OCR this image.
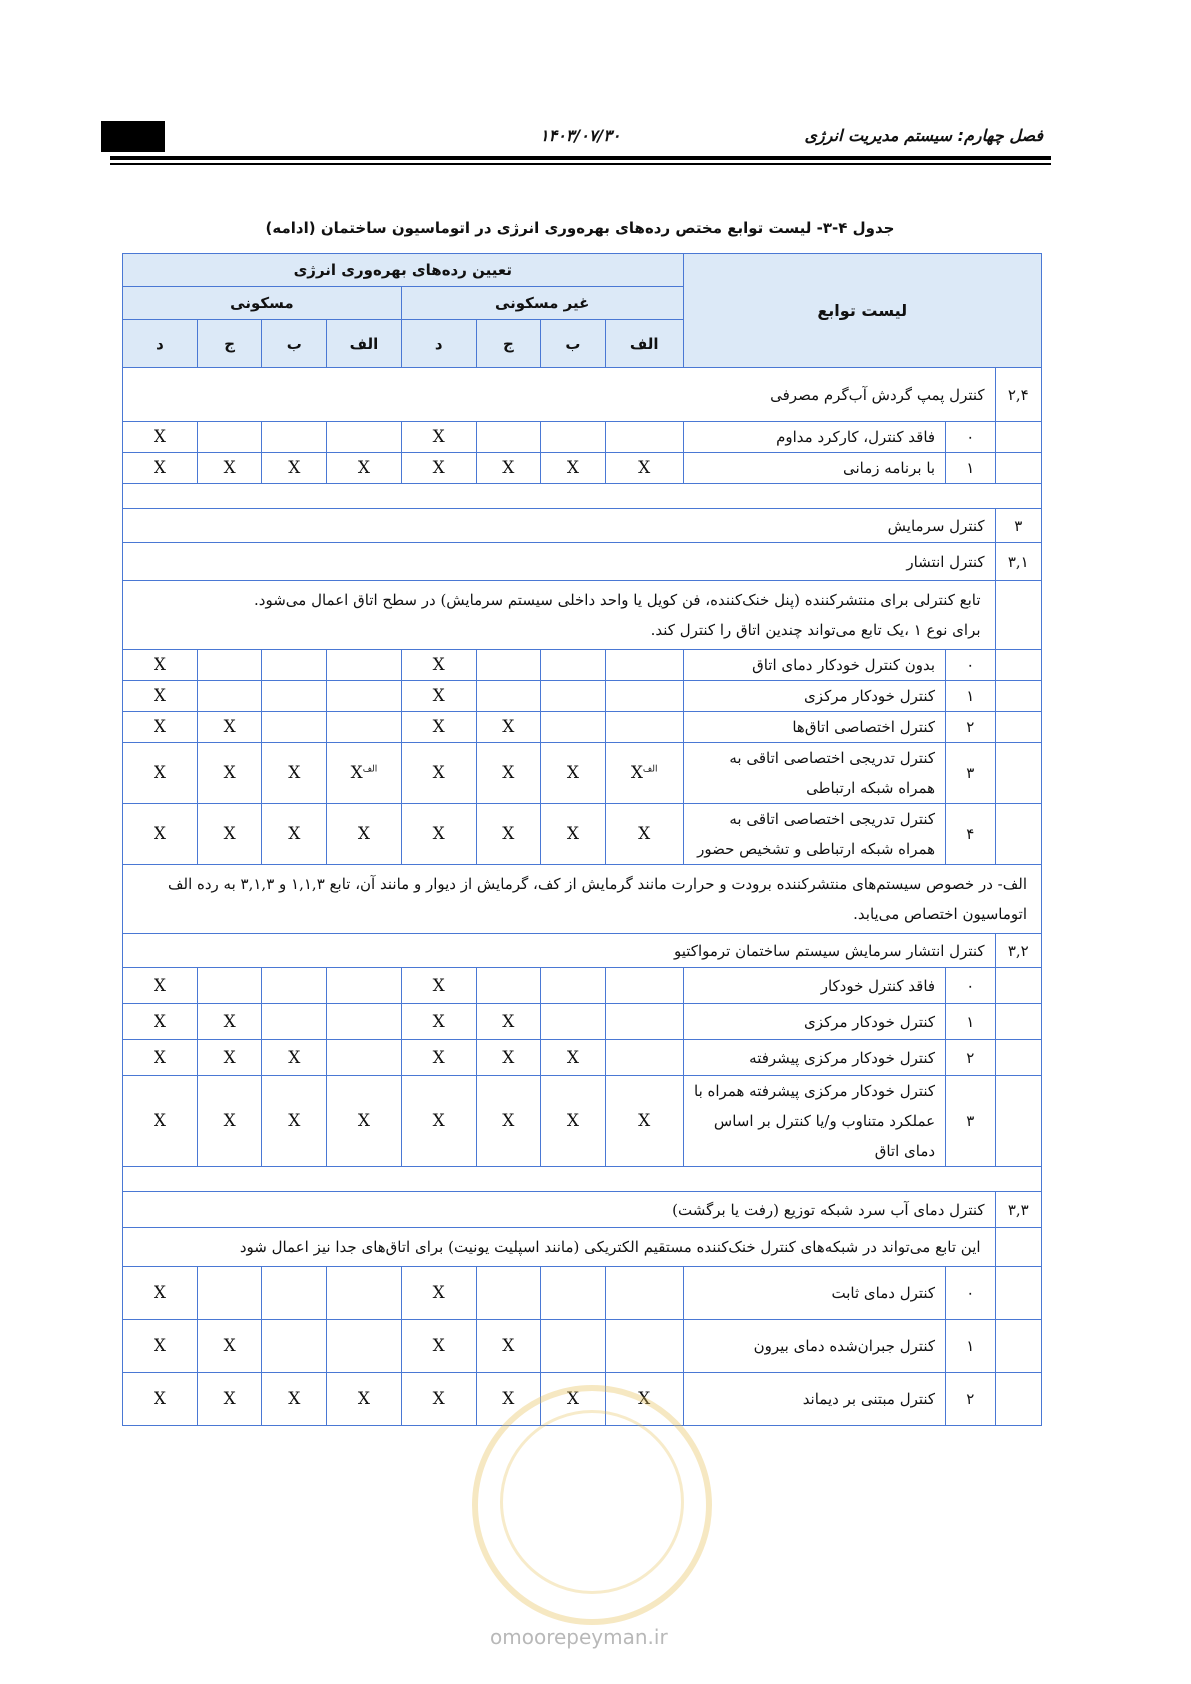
فصل چهارم: سیستم مدیریت انرژی
۱۴۰۳/۰۷/۳۰
جدول ۴-۳- لیست توابع مختص رده‌های بهره‌وری انرژی در اتوماسیون ساختمان (ادامه)
لیست توابع			تعیین رده‌های بهره‌وری انرژی							
			غیر مسکونی				مسکونی			
			الف	ب	ج	د	الف	ب	ج	د
۲,۴	کنترل پمپ گردش آب‌گرم مصرفی									
	۰	فاقد کنترل، کارکرد مداوم				X				X
	۱	با برنامه زمانی	X	X	X	X	X	X	X	X

۳	کنترل سرمایش									
۳,۱	کنترل انتشار									
	تابع کنترلی برای منتشرکننده (پنل خنک‌کننده، فن کویل یا واحد داخلی سیستم سرمایش) در سطح اتاق اعمال می‌شود.
برای نوع ۱ ،یک تابع می‌تواند چندین اتاق را کنترل کند.									
	۰	بدون کنترل خودکار دمای اتاق				X				X
	۱	کنترل خودکار مرکزی				X				X
	۲	کنترل اختصاصی اتاق‌ها			X	X			X	X
	۳	کنترل تدریجی اختصاصی اتاقی به همراه شبکه ارتباطی	$^{الف}$X	X	X	X	$^{الف}$X	X	X	X
	۴	کنترل تدریجی اختصاصی اتاقی به همراه شبکه ارتباطی و تشخیص حضور	X	X	X	X	X	X	X	X
الف- در خصوص سیستم‌های منتشرکننده برودت و حرارت مانند گرمایش از کف، گرمایش از دیوار و مانند آن، تابع ۱,۱,۳ و ۳,۱,۳ به رده الف اتوماسیون اختصاص می‌یابد.										
۳,۲	کنترل انتشار سرمایش سیستم ساختمان ترمواکتیو									
	۰	فاقد کنترل خودکار				X				X
	۱	کنترل خودکار مرکزی			X	X			X	X
	۲	کنترل خودکار مرکزی پیشرفته		X	X	X		X	X	X
	۳	کنترل خودکار مرکزی پیشرفته همراه با عملکرد متناوب و/یا کنترل بر اساس دمای اتاق	X	X	X	X	X	X	X	X

۳,۳	کنترل دمای آب سرد شبکه توزیع (رفت یا برگشت)									
	این تابع می‌تواند در شبکه‌های کنترل خنک‌کننده مستقیم الکتریکی (مانند اسپلیت یونیت) برای اتاق‌های جدا نیز اعمال شود									
	۰	کنترل دمای ثابت				X				X
	۱	کنترل جبران‌شده دمای بیرون			X	X			X	X
	۲	کنترل مبتنی بر دیماند	X	X	X	X	X	X	X	X
omoorepeyman.ir
